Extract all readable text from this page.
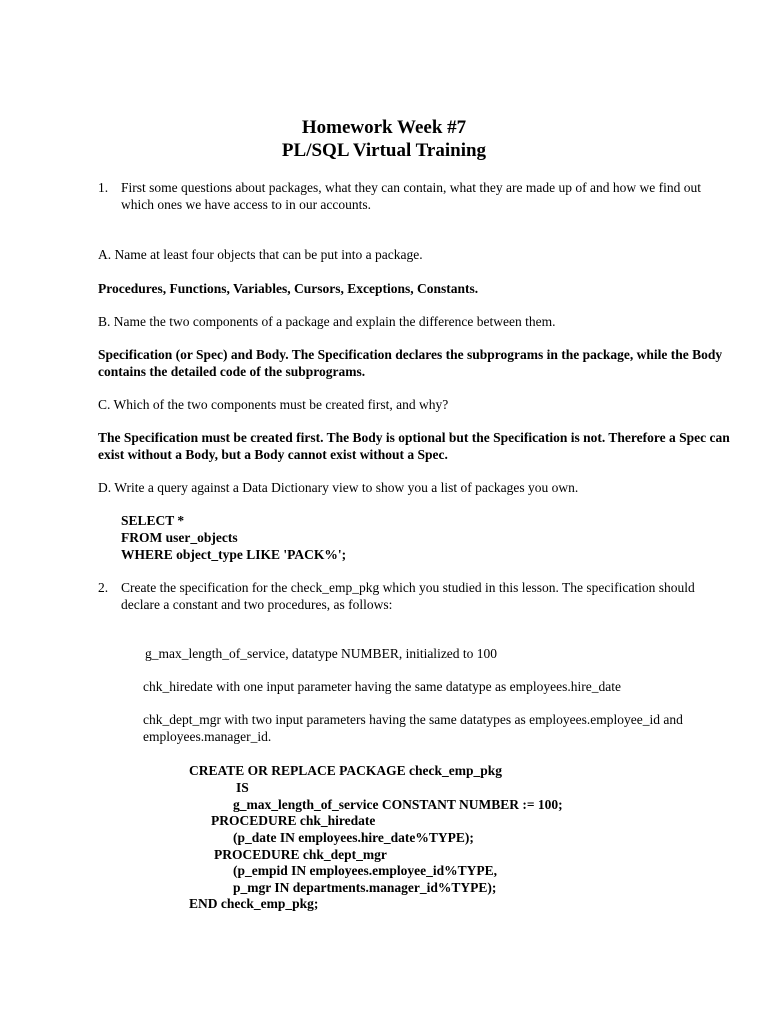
Homework Week #7
PL/SQL Virtual Training
1. First some questions about packages, what they can contain, what they are made up of and how we find out which ones we have access to in our accounts.
A. Name at least four objects that can be put into a package.
Procedures, Functions, Variables, Cursors, Exceptions, Constants.
B. Name the two components of a package and explain the difference between them.
Specification (or Spec) and Body. The Specification declares the subprograms in the package, while the Body contains the detailed code of the subprograms.
C. Which of the two components must be created first, and why?
The Specification must be created first. The Body is optional but the Specification is not. Therefore a Spec can exist without a Body, but a Body cannot exist without a Spec.
D. Write a query against a Data Dictionary view to show you a list of packages you own.
SELECT *
FROM user_objects
WHERE object_type LIKE 'PACK%';
2. Create the specification for the check_emp_pkg which you studied in this lesson. The specification should declare a constant and two procedures, as follows:
g_max_length_of_service, datatype NUMBER, initialized to 100
chk_hiredate with one input parameter having the same datatype as employees.hire_date
chk_dept_mgr with two input parameters having the same datatypes as employees.employee_id and employees.manager_id.
CREATE OR REPLACE PACKAGE check_emp_pkg
IS
g_max_length_of_service CONSTANT NUMBER := 100;
PROCEDURE chk_hiredate
(p_date IN employees.hire_date%TYPE);
PROCEDURE chk_dept_mgr
(p_empid IN employees.employee_id%TYPE,
p_mgr IN departments.manager_id%TYPE);
END check_emp_pkg;
